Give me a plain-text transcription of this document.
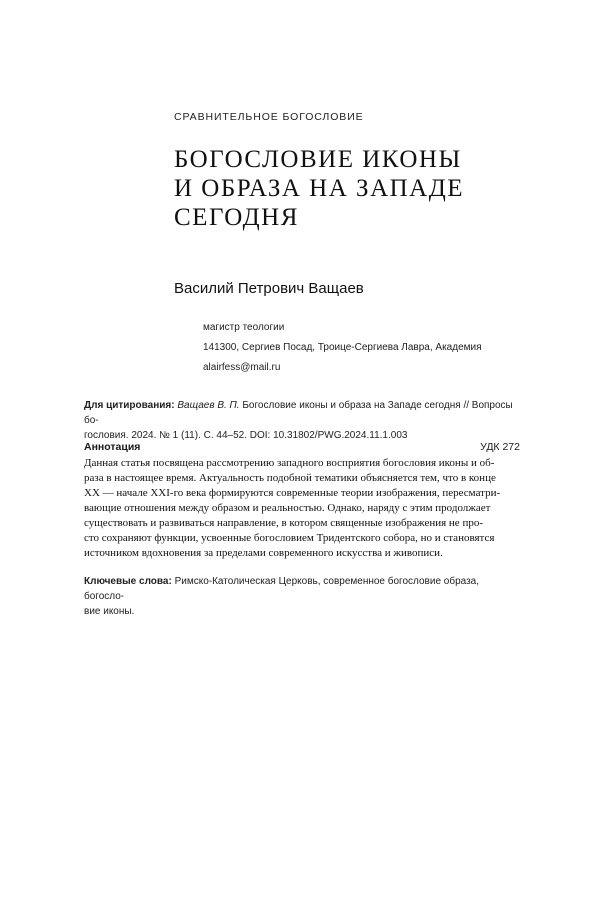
СРАВНИТЕЛЬНОЕ БОГОСЛОВИЕ
БОГОСЛОВИЕ ИКОНЫ
И ОБРАЗА НА ЗАПАДЕ
СЕГОДНЯ
Василий Петрович Ващаев
магистр теологии
141300, Сергиев Посад, Троице-Сергиева Лавра, Академия
alairfess@mail.ru
Для цитирования: Ващаев В. П. Богословие иконы и образа на Западе сегодня // Вопросы бо-
гословия. 2024. № 1 (11). С. 44–52. DOI: 10.31802/PWG.2024.11.1.003
Аннотация	УДК 272
Данная статья посвящена рассмотрению западного восприятия богословия иконы и об-
раза в настоящее время. Актуальность подобной тематики объясняется тем, что в конце
XX — начале XXI-го века формируются современные теории изображения, пересматри-
вающие отношения между образом и реальностью. Однако, наряду с этим продолжает
существовать и развиваться направление, в котором священные изображения не про-
сто сохраняют функции, усвоенные богословием Тридентского собора, но и становятся
источником вдохновения за пределами современного искусства и живописи.
Ключевые слова: Римско-Католическая Церковь, современное богословие образа, богосло-
вие иконы.
